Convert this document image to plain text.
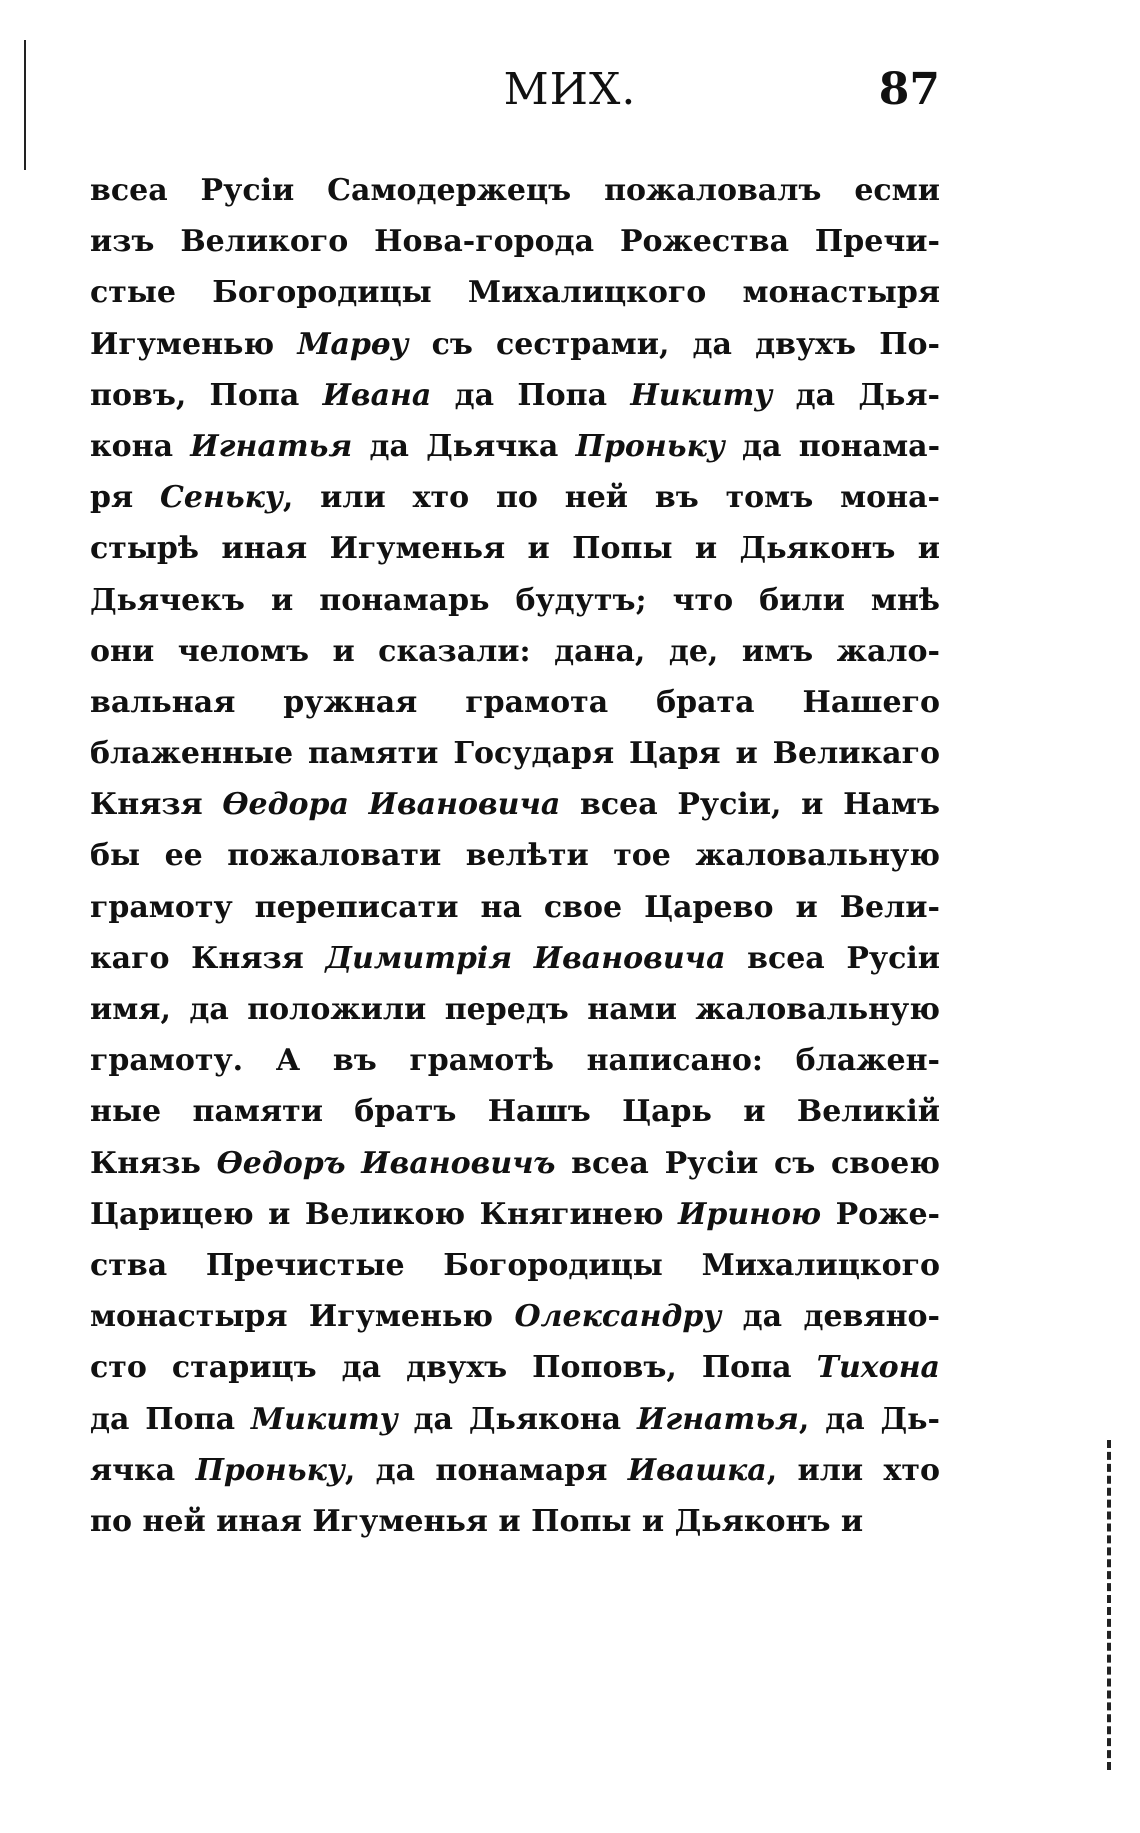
МИХ.	87
всеа Русіи Самодержецъ пожаловалъ есми
изъ Великого Нова-города Рожества Пречи-
стые Богородицы Михалицкого монастыря
Игуменью Марѳу съ сестрами, да двухъ По-
повъ, Попа Ивана да Попа Никиту да Дья-
кона Игнатья да Дьячка Проньку да понама-
ря Сеньку, или хто по ней въ томъ мона-
стырѣ иная Игуменья и Попы и Дьяконъ и
Дьячекъ и понамарь будутъ; что били мнѣ
они челомъ и сказали: дана, де, имъ жало-
вальная ружная грамота брата Нашего
блаженные памяти Государя Царя и Великаго
Князя Ѳедора Ивановича всеа Русіи, и Намъ
бы ее пожаловати велѣти тое жаловальную
грамоту переписати на свое Царево и Вели-
каго Князя Димитрія Ивановича всеа Русіи
имя, да положили передъ нами жаловальную
грамоту. А въ грамотѣ написано: блажен-
ные памяти братъ Нашъ Царь и Великій
Князь Ѳедоръ Ивановичъ всеа Русіи съ своею
Царицею и Великою Княгинею Ириною Роже-
ства Пречистые Богородицы Михалицкого
монастыря Игуменью Олександру да девяно-
сто старицъ да двухъ Поповъ, Попа Тихона
да Попа Микиту да Дьякона Игнатья, да Дь-
ячка Проньку, да понамаря Ивашка, или хто
по ней иная Игуменья и Попы и Дьяконъ и
